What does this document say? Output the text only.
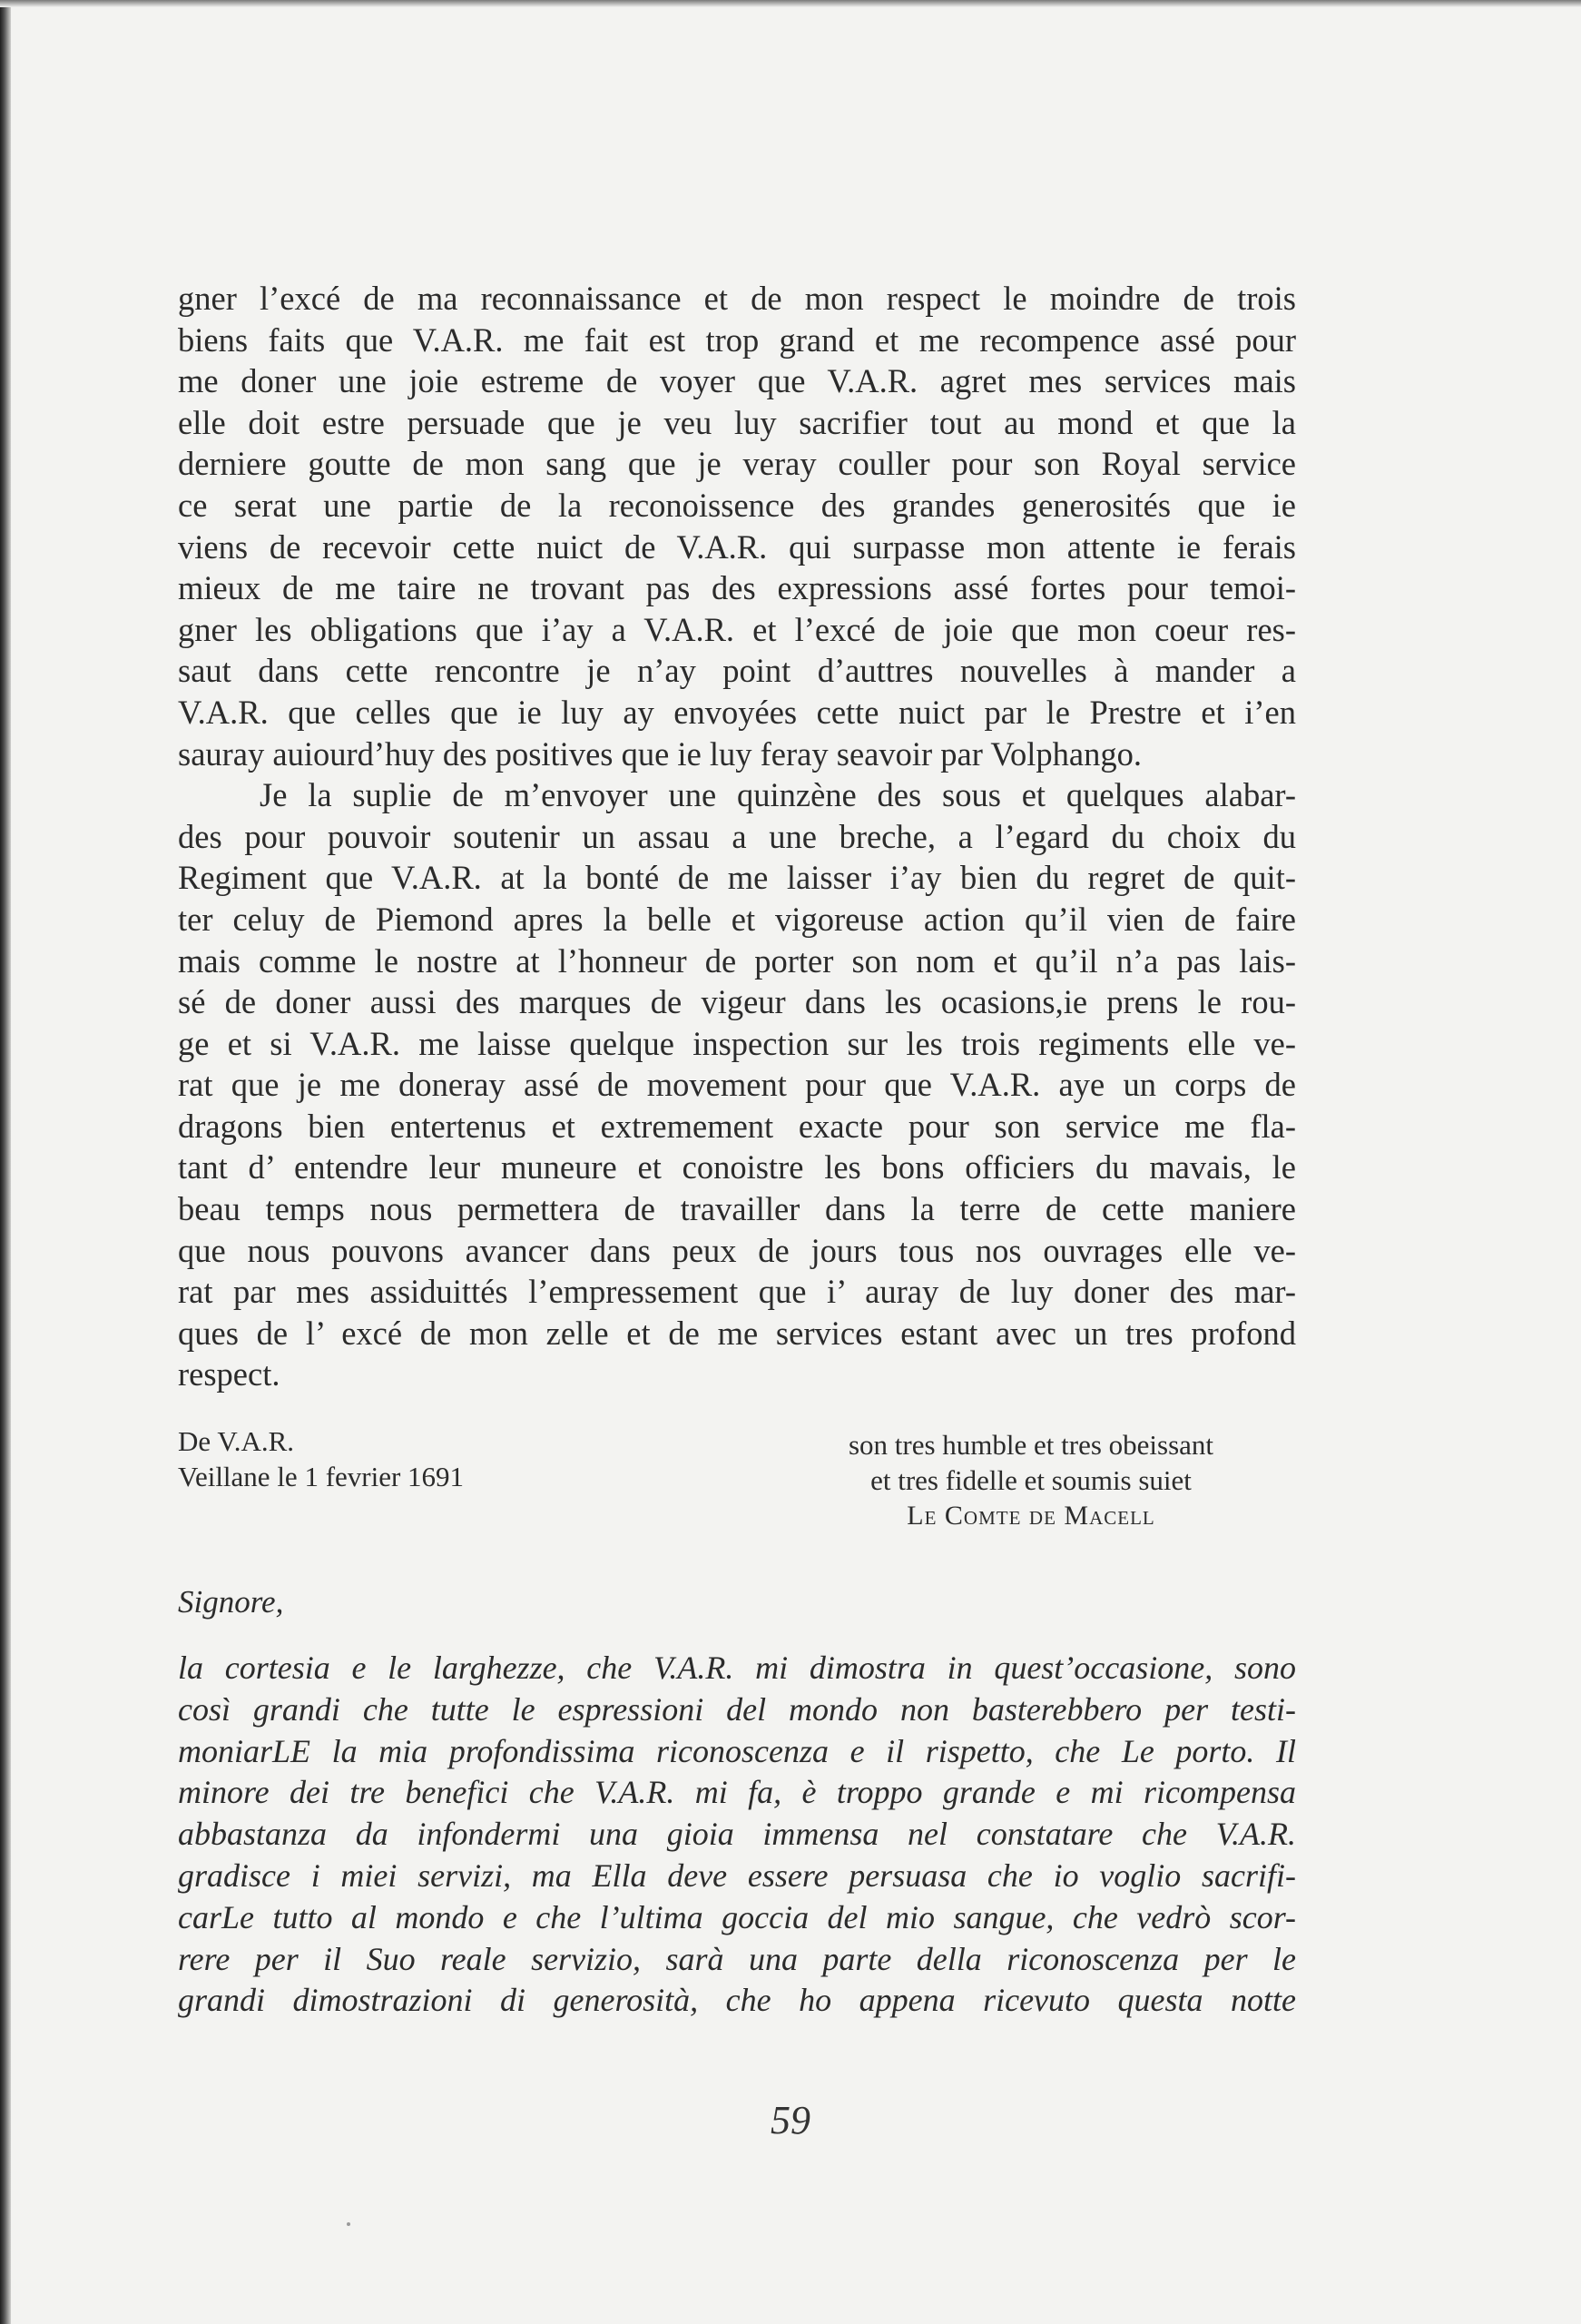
gner l’excé de ma reconnaissance et de mon respect le moindre de trois
biens faits que V.A.R. me fait est trop grand et me recompence assé pour
me doner une joie estreme de voyer que V.A.R. agret mes services mais
elle doit estre persuade que je veu luy sacrifier tout au mond et que la
derniere goutte de mon sang que je veray couller pour son Royal service
ce serat une partie de la reconoissence des grandes generosités que ie
viens de recevoir cette nuict de V.A.R. qui surpasse mon attente ie ferais
mieux de me taire ne trovant pas des expressions assé fortes pour temoi-
gner les obligations que i’ay a V.A.R. et l’excé de joie que mon coeur res-
saut dans cette rencontre je n’ay point d’auttres nouvelles à mander a
V.A.R. que celles que ie luy ay envoyées cette nuict par le Prestre et i’en
sauray auiourd’huy des positives que ie luy feray seavoir par Volphango.
Je la suplie de m’envoyer une quinzène des sous et quelques alabar-
des pour pouvoir soutenir un assau a une breche, a l’egard du choix du
Regiment que V.A.R. at la bonté de me laisser i’ay bien du regret de quit-
ter celuy de Piemond apres la belle et vigoreuse action qu’il vien de faire
mais comme le nostre at l’honneur de porter son nom et qu’il n’a pas lais-
sé de doner aussi des marques de vigeur dans les ocasions,ie prens le rou-
ge et si V.A.R. me laisse quelque inspection sur les trois regiments elle ve-
rat que je me doneray assé de movement pour que V.A.R. aye un corps de
dragons bien entertenus et extremement exacte pour son service me fla-
tant d’ entendre leur muneure et conoistre les bons officiers du mavais, le
beau temps nous permettera de travailler dans la terre de cette maniere
que nous pouvons avancer dans peux de jours tous nos ouvrages elle ve-
rat par mes assiduittés l’empressement que i’ auray de luy doner des mar-
ques de l’ excé de mon zelle et de me services estant avec un tres profond
respect.
De V.A.R.
Veillane le 1 fevrier 1691
son tres humble et tres obeissant
et tres fidelle et soumis suiet
Le Comte de Macell
Signore,
la cortesia e le larghezze, che V.A.R. mi dimostra in quest’occasione, sono
così grandi che tutte le espressioni del mondo non basterebbero per testi-
moniarLE la mia profondissima riconoscenza e il rispetto, che Le porto. Il
minore dei tre benefici che V.A.R. mi fa, è troppo grande e mi ricompensa
abbastanza da infondermi una gioia immensa nel constatare che V.A.R.
gradisce i miei servizi, ma Ella deve essere persuasa che io voglio sacrifi-
carLe tutto al mondo e che l’ultima goccia del mio sangue, che vedrò scor-
rere per il Suo reale servizio, sarà una parte della riconoscenza per le
grandi dimostrazioni di generosità, che ho appena ricevuto questa notte
59
